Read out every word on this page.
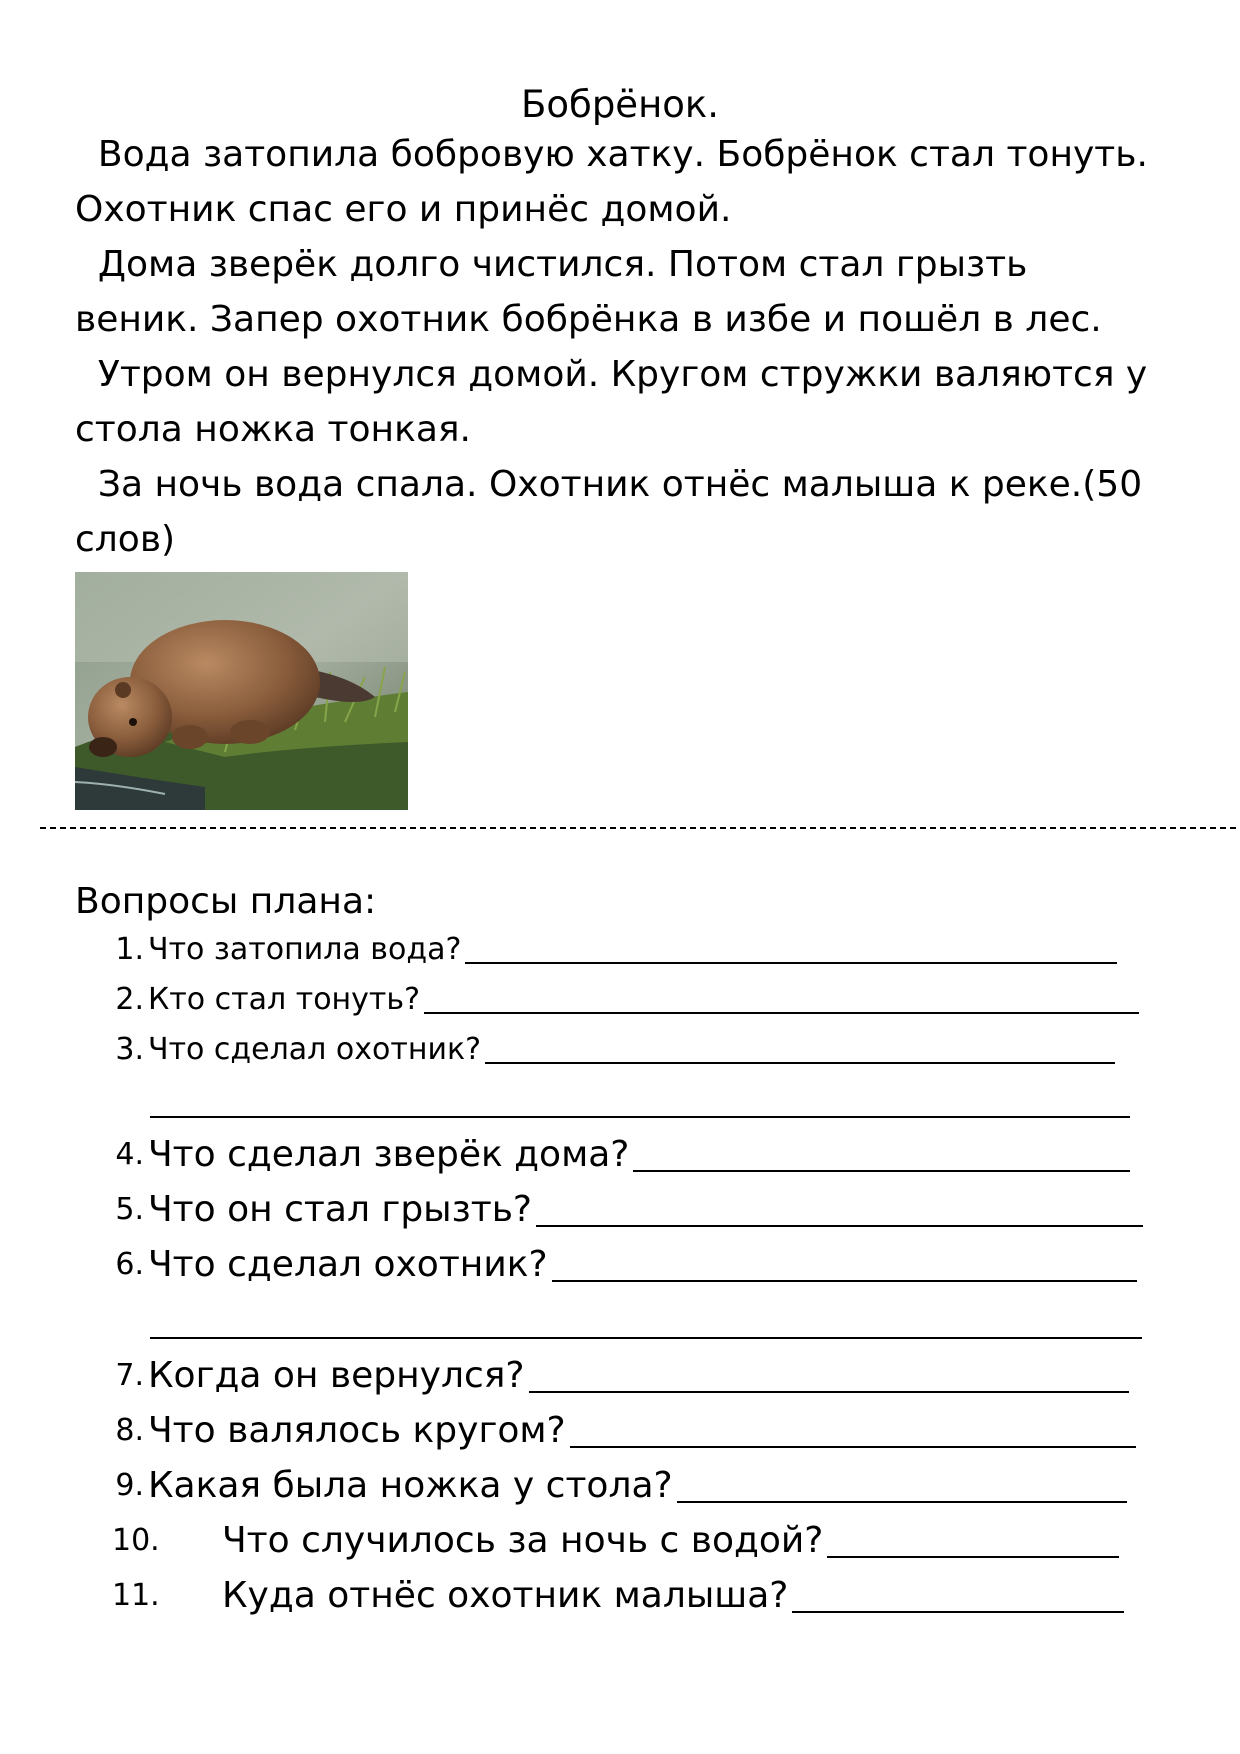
Бобрёнок.
Вода затопила бобровую хатку. Бобрёнок стал тонуть.
Охотник спас его и принёс домой.
Дома зверёк долго чистился. Потом стал грызть
веник. Запер охотник бобрёнка в избе и пошёл в лес.
Утром он вернулся домой. Кругом стружки валяются у
стола ножка тонкая.
За ночь вода спала. Охотник отнёс малыша к реке.(50
слов)
Вопросы плана:
1. Что затопила вода?
2. Кто стал тонуть?
3. Что сделал охотник?
4. Что сделал зверёк дома?
5. Что он стал грызть?
6. Что сделал охотник?
7. Когда он вернулся?
8. Что валялось кругом?
9. Какая была ножка у стола?
10. Что случилось за ночь с водой?
11. Куда отнёс охотник малыша?
